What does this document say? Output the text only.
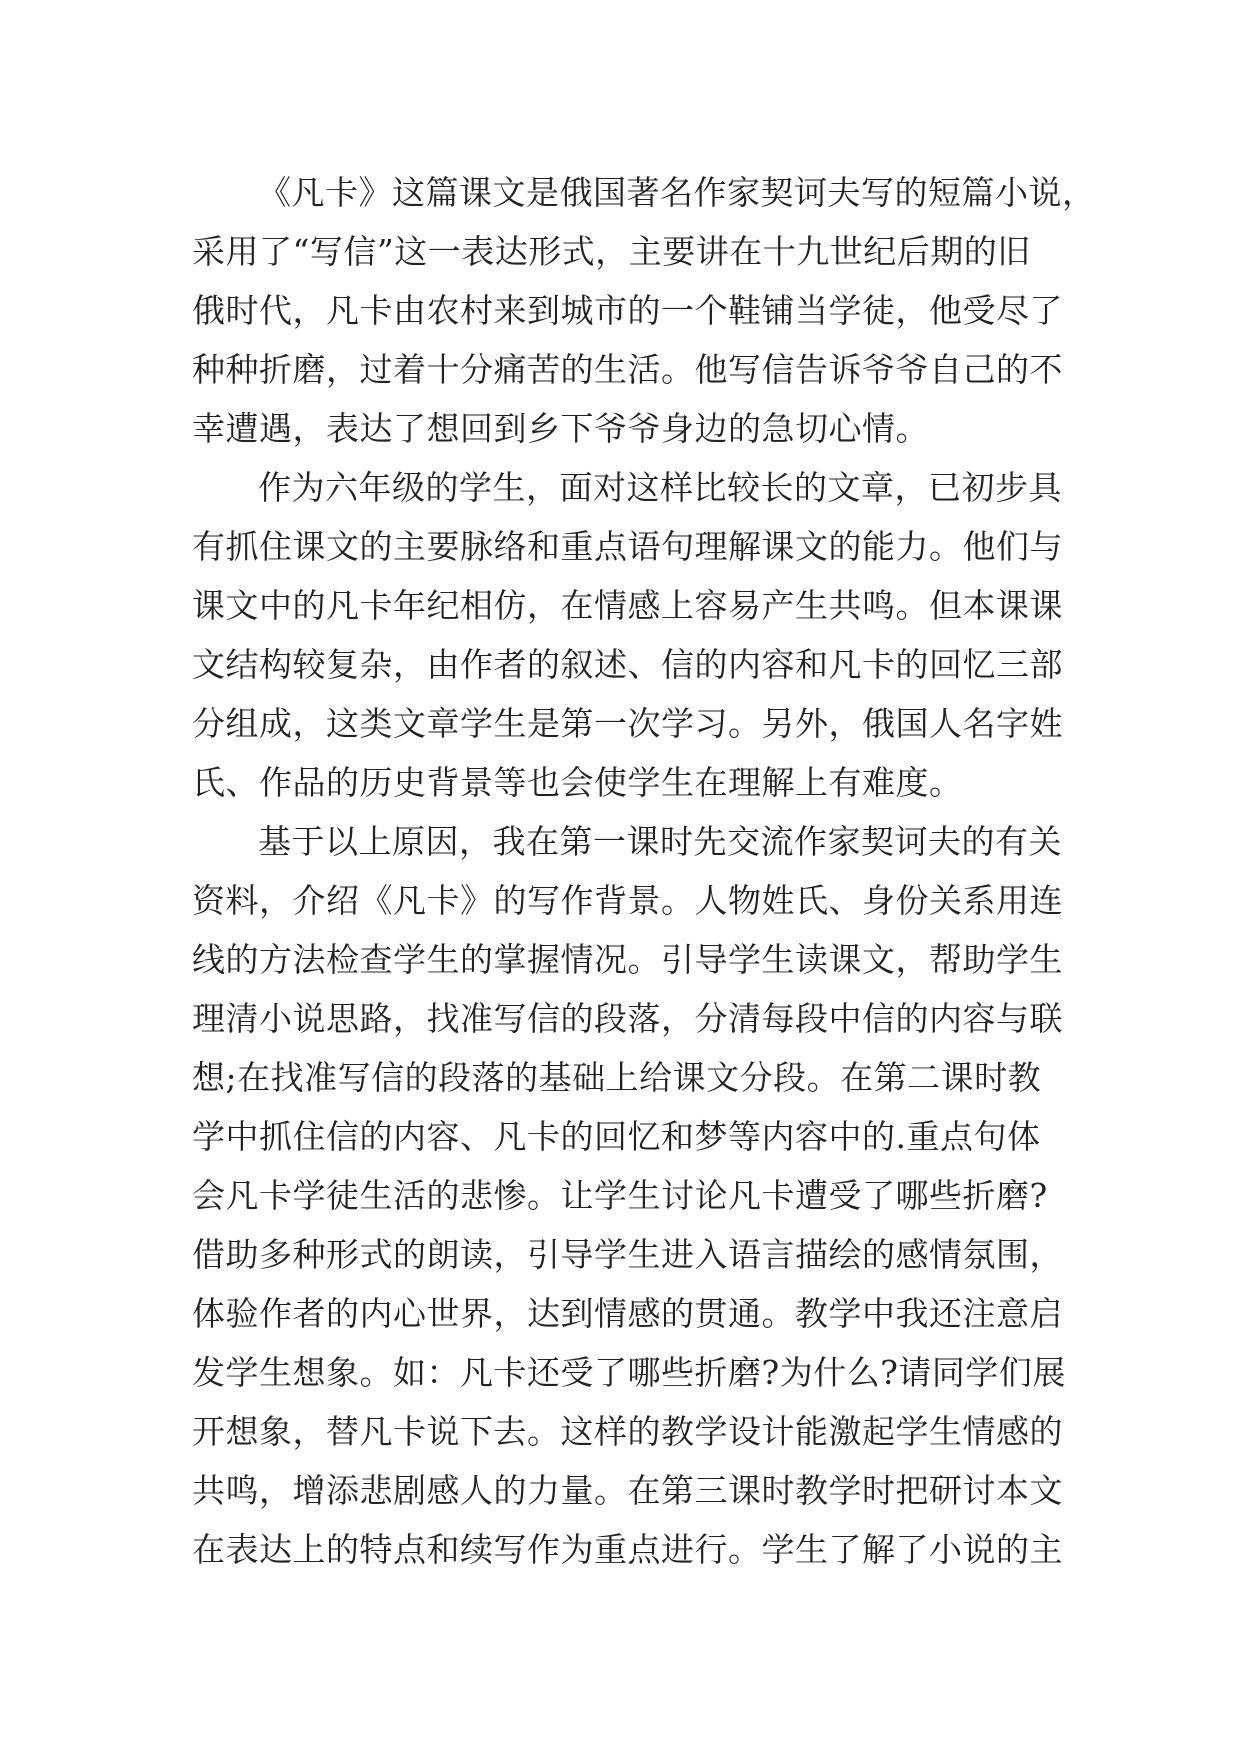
《凡卡》这篇课文是俄国著名作家契诃夫写的短篇小说，
采用了“写信”这一表达形式，主要讲在十九世纪后期的旧
俄时代，凡卡由农村来到城市的一个鞋铺当学徒，他受尽了
种种折磨，过着十分痛苦的生活。他写信告诉爷爷自己的不
幸遭遇，表达了想回到乡下爷爷身边的急切心情。
作为六年级的学生，面对这样比较长的文章，已初步具
有抓住课文的主要脉络和重点语句理解课文的能力。他们与
课文中的凡卡年纪相仿，在情感上容易产生共鸣。但本课课
文结构较复杂，由作者的叙述、信的内容和凡卡的回忆三部
分组成，这类文章学生是第一次学习。另外，俄国人名字姓
氏、作品的历史背景等也会使学生在理解上有难度。
基于以上原因，我在第一课时先交流作家契诃夫的有关
资料，介绍《凡卡》的写作背景。人物姓氏、身份关系用连
线的方法检查学生的掌握情况。引导学生读课文，帮助学生
理清小说思路，找准写信的段落，分清每段中信的内容与联
想;在找准写信的段落的基础上给课文分段。在第二课时教
学中抓住信的内容、凡卡的回忆和梦等内容中的.重点句体
会凡卡学徒生活的悲惨。让学生讨论凡卡遭受了哪些折磨?
借助多种形式的朗读，引导学生进入语言描绘的感情氛围，
体验作者的内心世界，达到情感的贯通。教学中我还注意启
发学生想象。如：凡卡还受了哪些折磨?为什么?请同学们展
开想象，替凡卡说下去。这样的教学设计能激起学生情感的
共鸣，增添悲剧感人的力量。在第三课时教学时把研讨本文
在表达上的特点和续写作为重点进行。学生了解了小说的主
